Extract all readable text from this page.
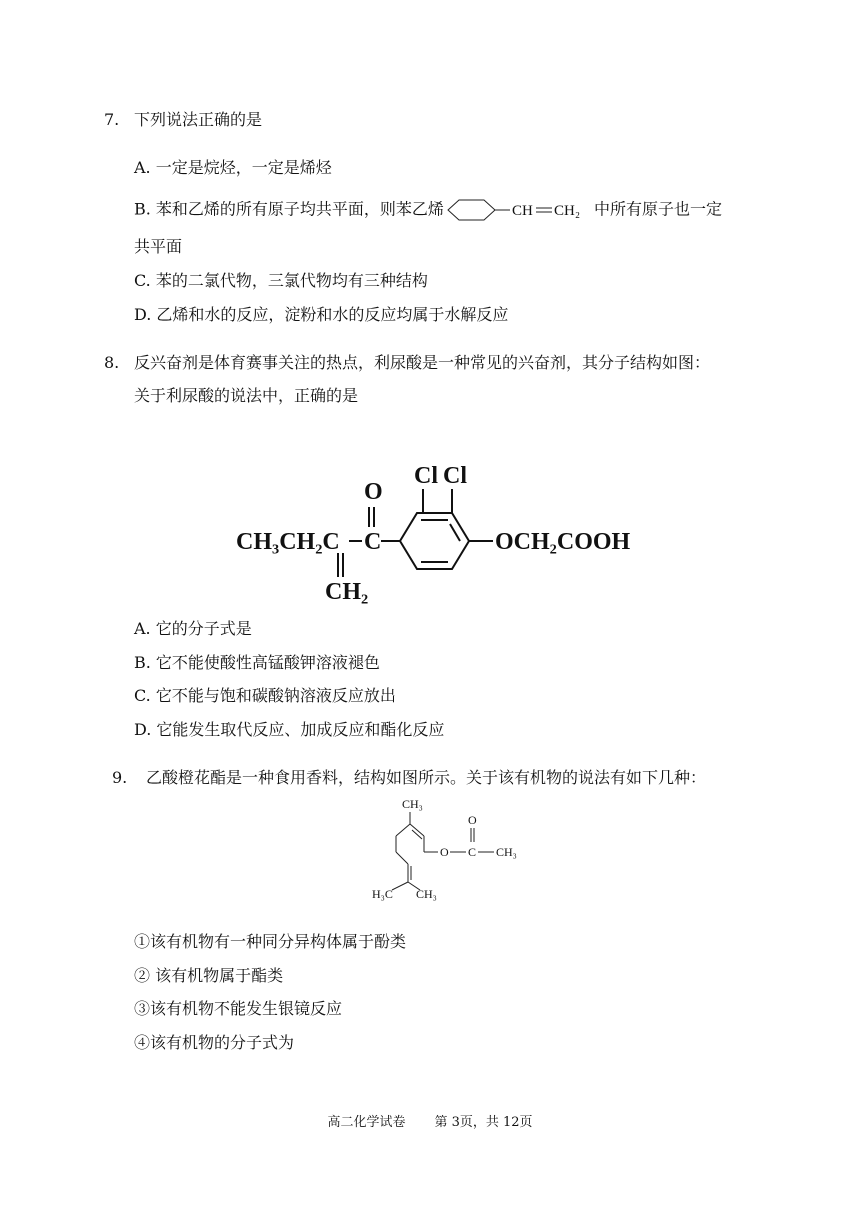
7. 下列说法正确的是
A. 一定是烷烃，一定是烯烃
B. 苯和乙烯的所有原子均共平面，则苯乙烯	CH CH₂ 中所有原子也一定
共平面
C. 苯的二氯代物，三氯代物均有三种结构
D. 乙烯和水的反应，淀粉和水的反应均属于水解反应
8. 反兴奋剂是体育赛事关注的热点，利尿酸是一种常见的兴奋剂，其分子结构如图：
关于利尿酸的说法中，正确的是
CH₃CH₂C
O
C
Cl Cl
OCH₂COOH
CH₂
A. 它的分子式是
B. 它不能使酸性高锰酸钾溶液褪色
C. 它不能与饱和碳酸钠溶液反应放出
D. 它能发生取代反应、加成反应和酯化反应
9. 乙酸橙花酯是一种食用香料，结构如图所示。关于该有机物的说法有如下几种：
CH₃
O
O C CH₃
H₃C CH₃
①该有机物有一种同分异构体属于酚类
② 该有机物属于酯类
③该有机物不能发生银镜反应
④该有机物的分子式为
高二化学试卷 第 3页，共 12页
